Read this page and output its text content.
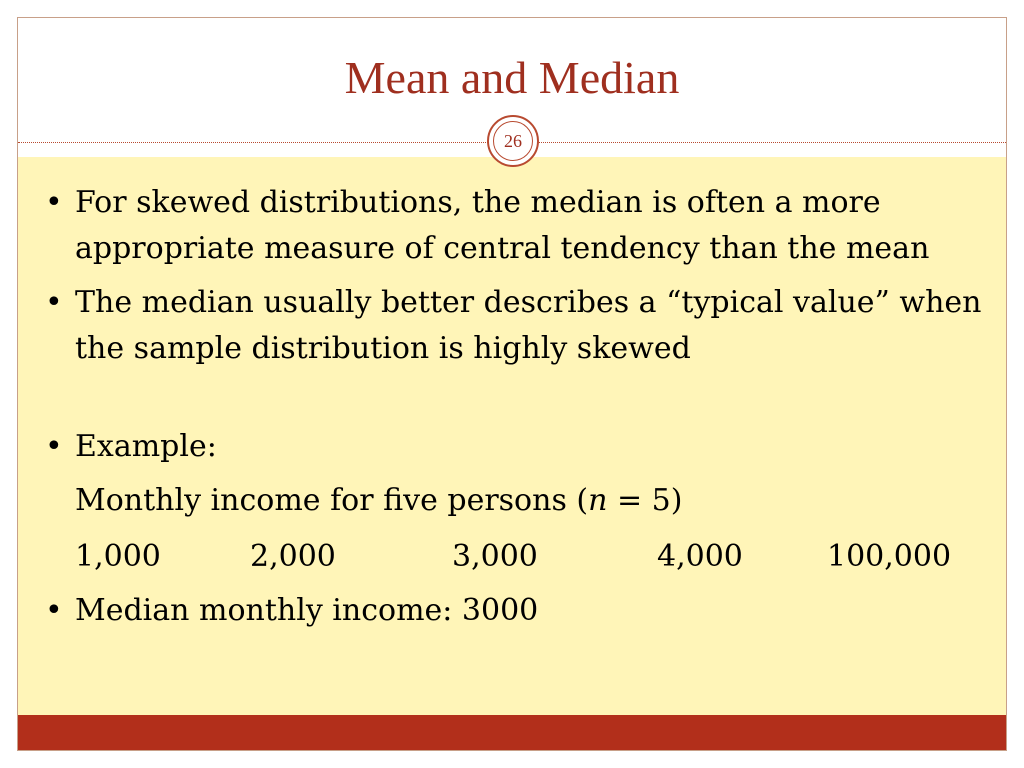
Mean and Median
26

• For skewed distributions, the median is often a more appropriate measure of central tendency than the mean

• The median usually better describes a “typical value” when the sample distribution is highly skewed

• Example:

Monthly income for five persons (n = 5)

1,000	2,000	3,000	4,000	100,000

• Median monthly income: 3000
